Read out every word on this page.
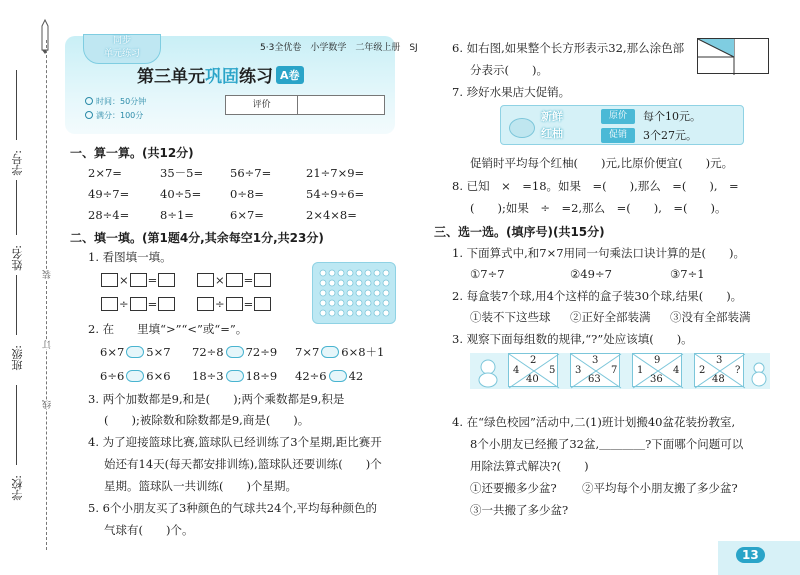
装
订
线
学号:
姓名:
班级:
学校:
同步
单元练习
5·3全优卷　小学数学　二年级上册　SJ
第三单元巩固练习 A卷
时间：50分钟
满分：100分
评价
一、算一算。(共12分)
2×7=	35－5= 56÷7=	21÷7×9=
49÷7=	40÷5=	0÷8=	54÷9÷6=
28÷4=	8÷1=	6×7=	2×4×8=
二、填一填。(第1题4分,其余每空1分,共23分)
1. 看图填一填。
× =	× =
÷ =	÷ =
2. 在　　里填“>”“<”或“=”。
6×7 5×7 72÷8 72÷9 7×7 6×8＋1
6÷6 6×6 18÷3 18÷9 42÷6 42
3. 两个加数都是9,和是(　　);两个乘数都是9,积是
(　　);被除数和除数都是9,商是(　　)。
4. 为了迎接篮球比赛,篮球队已经训练了3个星期,距比赛开
始还有14天(每天都安排训练),篮球队还要训练(　　)个
星期。篮球队一共训练(　　)个星期。
5. 6个小朋友买了3种颜色的气球共24个,平均每种颜色的
气球有(　　)个。
6. 如右图,如果整个长方形表示32,那么涂色部
分表示(　　)。
7. 珍好水果店大促销。
新鲜
红柚
原价	每个10元。
促销	3个27元。
促销时平均每个红柚(　　)元,比原价便宜(　　)元。
8. 已知　×　=18。如果　=(　　),那么　=(　　),　=
(　　);如果　÷　=2,那么　=(　　),　=(　　)。
三、选一选。(填序号)(共15分)
1. 下面算式中,和7×7用同一句乘法口诀计算的是(　　)。
①7÷7	②49÷7	③7÷1
2. 每盒装7个球,用4个这样的盒子装30个球,结果(　　)。
①装不下这些球 ②正好全部装满 ③没有全部装满
3. 观察下面每组数的规律,“?”处应该填(　　)。
2
4
40
5
3
3
63
7
9
1
36
4
3
2
48
?
4. 在“绿色校园”活动中,二(1)班计划搬40盆花装扮教室,
8个小朋友已经搬了32盆,＿＿＿＿?下面哪个问题可以
用除法算式解决?(　　)
①还要搬多少盆? ②平均每个小朋友搬了多少盆?
③一共搬了多少盆?
13
